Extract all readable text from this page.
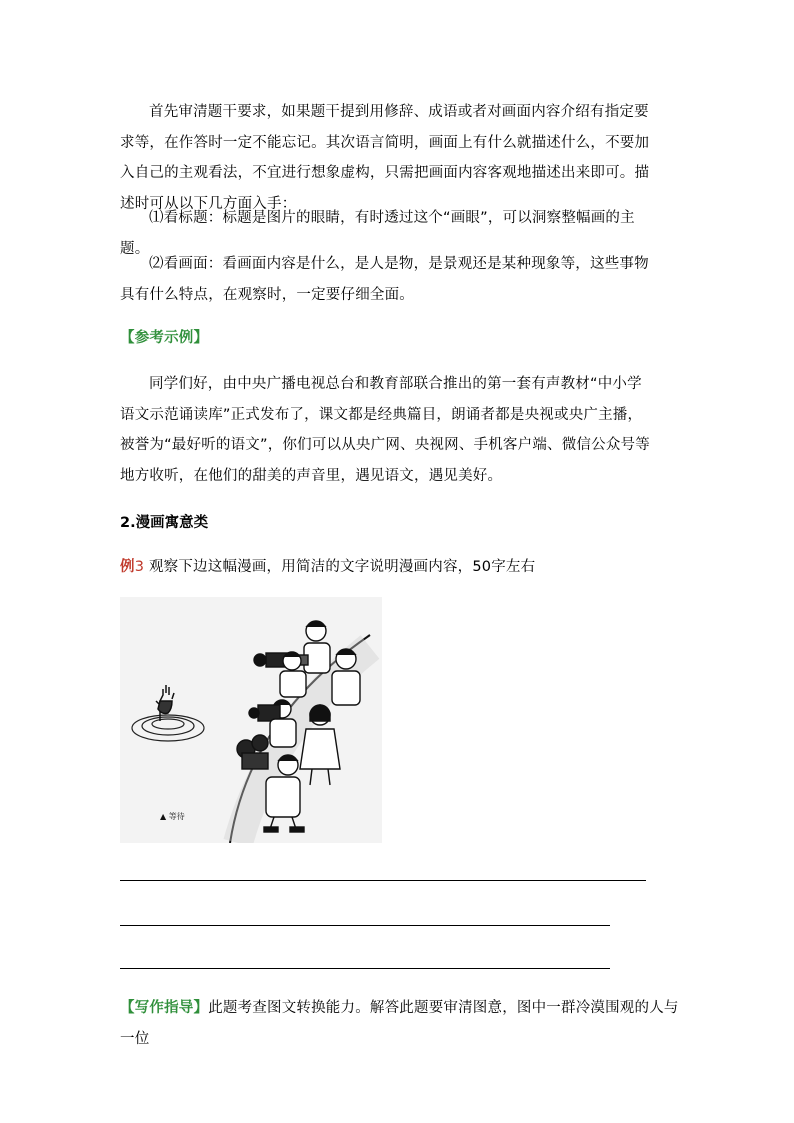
首先审清题干要求，如果题干提到用修辞、成语或者对画面内容介绍有指定要求等，在作答时一定不能忘记。其次语言简明，画面上有什么就描述什么，不要加入自己的主观看法，不宜进行想象虚构，只需把画面内容客观地描述出来即可。描述时可从以下几方面入手：

⑴看标题：标题是图片的眼睛，有时透过这个“画眼”，可以洞察整幅画的主题。

⑵看画面：看画面内容是什么，是人是物，是景观还是某种现象等，这些事物具有什么特点，在观察时，一定要仔细全面。

【参考示例】

同学们好，由中央广播电视总台和教育部联合推出的第一套有声教材“中小学语文示范诵读库”正式发布了，课文都是经典篇目，朗诵者都是央视或央广主播，被誉为“最好听的语文”，你们可以从央广网、央视网、手机客户端、微信公众号等地方收听，在他们的甜美的声音里，遇见语文，遇见美好。

2.漫画寓意类

例3 观察下边这幅漫画，用简洁的文字说明漫画内容，50字左右

▲ 等待

【写作指导】此题考查图文转换能力。解答此题要审清图意，图中一群冷漠围观的人与一位
